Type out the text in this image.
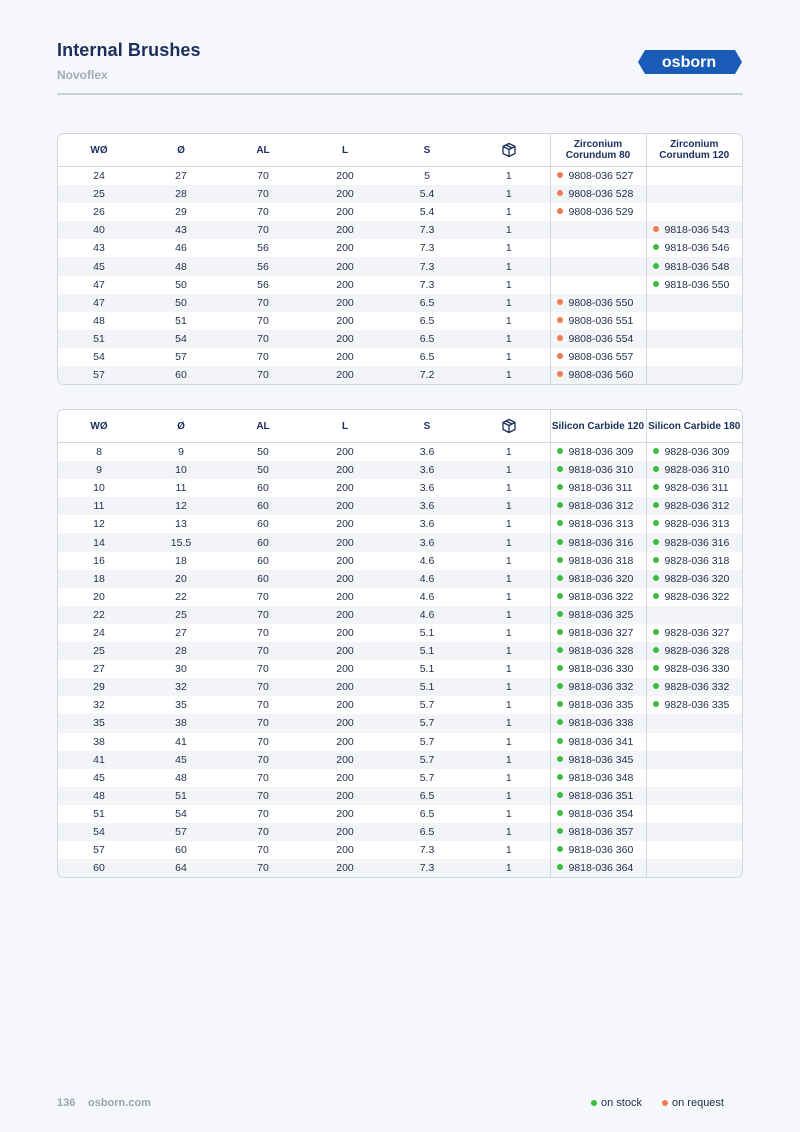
Internal Brushes
Novoflex
osborn
WØ	Ø	AL	L	S		Zirconium Corundum 80	Zirconium Corundum 120
24	27	70	200	5	1	9808-036 527	
25	28	70	200	5.4	1	9808-036 528	
26	29	70	200	5.4	1	9808-036 529	
40	43	70	200	7.3	1		9818-036 543
43	46	56	200	7.3	1		9818-036 546
45	48	56	200	7.3	1		9818-036 548
47	50	56	200	7.3	1		9818-036 550
47	50	70	200	6.5	1	9808-036 550	
48	51	70	200	6.5	1	9808-036 551	
51	54	70	200	6.5	1	9808-036 554	
54	57	70	200	6.5	1	9808-036 557	
57	60	70	200	7.2	1	9808-036 560	
WØ	Ø	AL	L	S		Silicon Carbide 120	Silicon Carbide 180
8	9	50	200	3.6	1	9818-036 309	9828-036 309
9	10	50	200	3.6	1	9818-036 310	9828-036 310
10	11	60	200	3.6	1	9818-036 311	9828-036 311
11	12	60	200	3.6	1	9818-036 312	9828-036 312
12	13	60	200	3.6	1	9818-036 313	9828-036 313
14	15.5	60	200	3.6	1	9818-036 316	9828-036 316
16	18	60	200	4.6	1	9818-036 318	9828-036 318
18	20	60	200	4.6	1	9818-036 320	9828-036 320
20	22	70	200	4.6	1	9818-036 322	9828-036 322
22	25	70	200	4.6	1	9818-036 325	
24	27	70	200	5.1	1	9818-036 327	9828-036 327
25	28	70	200	5.1	1	9818-036 328	9828-036 328
27	30	70	200	5.1	1	9818-036 330	9828-036 330
29	32	70	200	5.1	1	9818-036 332	9828-036 332
32	35	70	200	5.7	1	9818-036 335	9828-036 335
35	38	70	200	5.7	1	9818-036 338	
38	41	70	200	5.7	1	9818-036 341	
41	45	70	200	5.7	1	9818-036 345	
45	48	70	200	5.7	1	9818-036 348	
48	51	70	200	6.5	1	9818-036 351	
51	54	70	200	6.5	1	9818-036 354	
54	57	70	200	6.5	1	9818-036 357	
57	60	70	200	7.3	1	9818-036 360	
60	64	70	200	7.3	1	9818-036 364	
136 osborn.com	on stock	on request
